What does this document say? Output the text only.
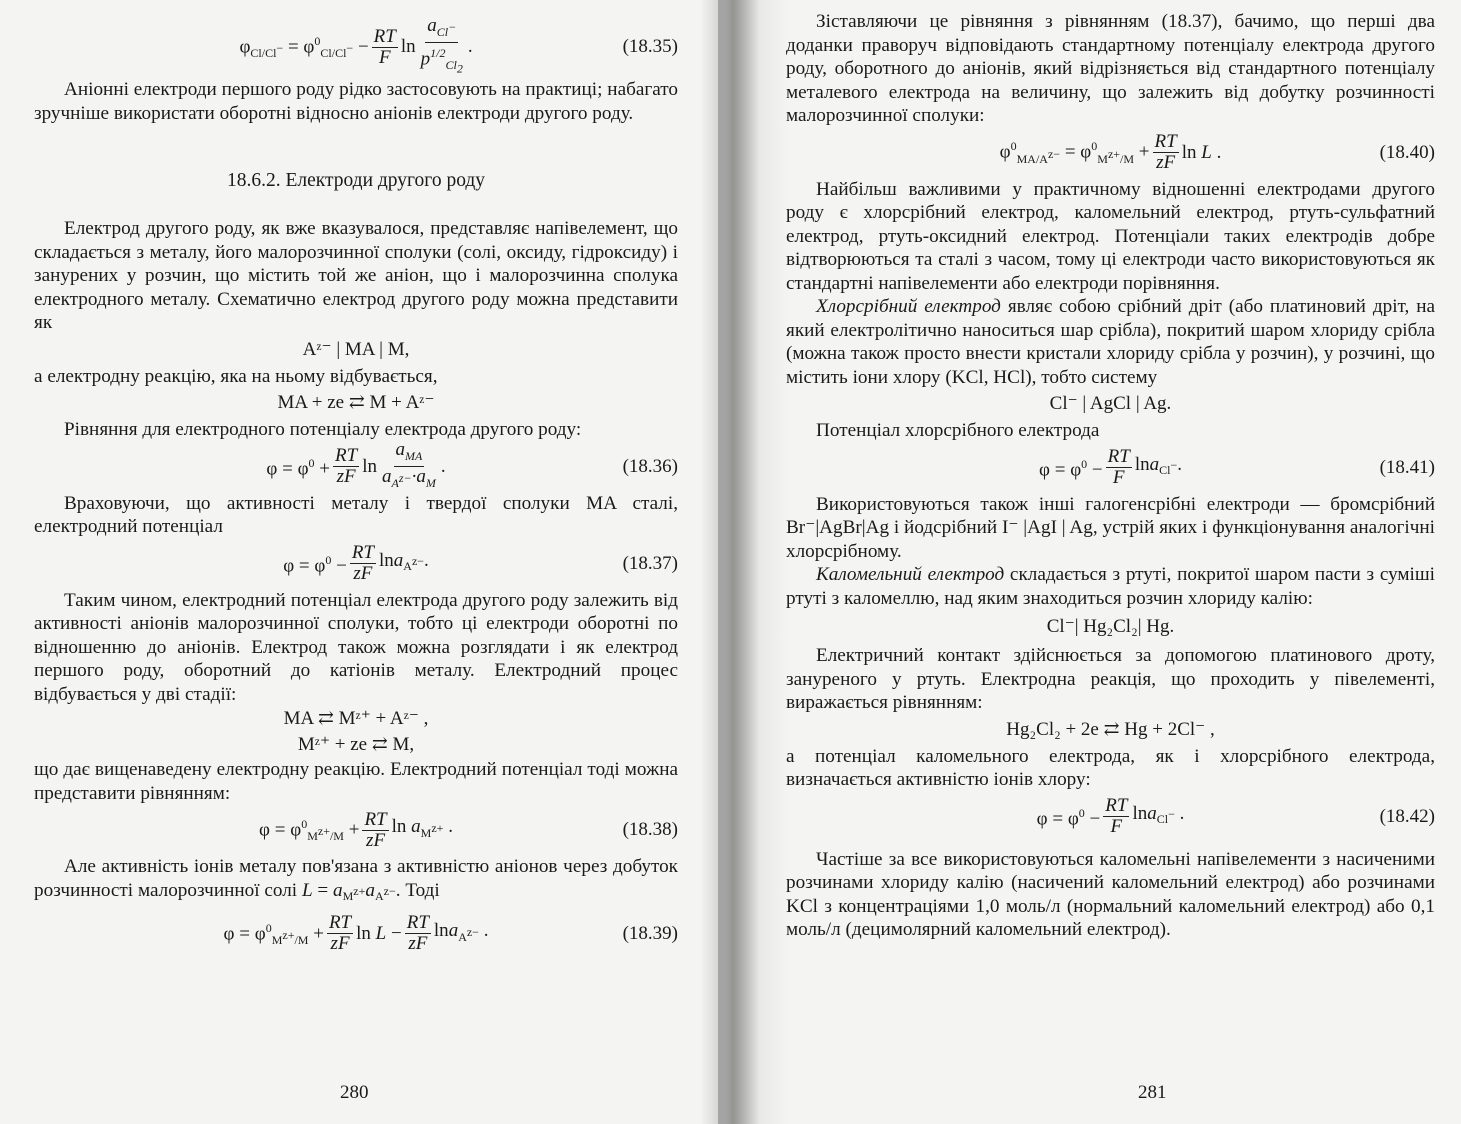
$\varphi_{Cl/Cl^-} = \varphi^0_{Cl/Cl^-} - \frac{RT}{F}$ $\ln \frac{a_{Cl^-}}{p^{1/2}_{Cl_2}}$ .	(18.35)

Аніонні електроди першого роду рідко застосовують на практиці; набагато зручніше використати оборотні відносно аніонів електроди другого роду.

18.6.2. Електроди другого роду

Електрод другого роду, як вже вказувалося, представляє напівелемент, що складається з металу, його малорозчинної сполуки (солі, оксиду, гідроксиду) і занурених у розчин, що містить той же аніон, що і малорозчинна сполука електродного металу. Схематично електрод другого роду можна представити як

Aᶻ⁻ | MA | M,

а електродну реакцію, яка на ньому відбувається,

MA + ze ⇄ M + Aᶻ⁻

Рівняння для електродного потенціалу електрода другого роду:

$\varphi = \varphi^0 + \frac{RT}{zF}$ $\ln \frac{a_{MA}}{a_{A^{z-}}\cdot a_M}$ .	(18.36)

Враховуючи, що активності металу і твердої сполуки MA сталі, електродний потенціал

$\varphi = \varphi^0 - \frac{RT}{zF} \ln a_{A^{z-}}$.	(18.37)

Таким чином, електродний потенціал електрода другого роду залежить від активності аніонів малорозчинної сполуки, тобто ці електроди оборотні по відношенню до аніонів. Електрод також можна розглядати і як електрод першого роду, оборотний до катіонів металу. Електродний процес відбувається у дві стадії:

MA ⇄ Mᶻ⁺ + Aᶻ⁻ ,
Mᶻ⁺ + ze ⇄ M,

що дає вищенаведену електродну реакцію. Електродний потенціал тоді можна представити рівнянням:

$\varphi = \varphi^0_{M^{z+}/M} + \frac{RT}{zF}$ $\ln a_{M^{z+}}$ .	(18.38)

Але активність іонів металу пов'язана з активністю аніонов через добуток розчинності малорозчинної солі $L = a_{M^{z+}}a_{A^{z-}}$. Тоді

$\varphi = \varphi^0_{M^{z+}/M} + \frac{RT}{zF}$ $\ln L - \frac{RT}{zF} \ln a_{A^{z-}}$ .	(18.39)
280

Зіставляючи це рівняння з рівнянням (18.37), бачимо, що перші два доданки праворуч відповідають стандартному потенціалу електрода другого роду, оборотного до аніонів, який відрізняється від стандартного потенціалу металевого електрода на величину, що залежить від добутку розчинності малорозчинної сполуки:

$\varphi^0_{MA/A^{z-}} = \varphi^0_{M^{z+}/M} + \frac{RT}{zF}$ ln L .	(18.40)

Найбільш важливими у практичному відношенні електродами другого роду є хлорсрібний електрод, каломельний електрод, ртуть-сульфатний електрод, ртуть-оксидний електрод. Потенціали таких електродів добре відтворюються та сталі з часом, тому ці електроди часто використовуються як стандартні напівелементи або електроди порівняння.

Хлорсрібний електрод являє собою срібний дріт (або платиновий дріт, на який електролітично наноситься шар срібла), покритий шаром хлориду срібла (можна також просто внести кристали хлориду срібла у розчин), у розчині, що містить іони хлору (KCl, HCl), тобто систему

Cl⁻ | AgCl | Ag.

Потенціал хлорсрібного електрода

$\varphi = \varphi^0 - \frac{RT}{F} \ln a_{Cl^-}$.	(18.41)

Використовуються також інші галогенсрібні електроди — бромсрібний Br⁻|AgBr|Ag і йодсрібний I⁻ |AgI | Ag, устрій яких і функціонування аналогічні хлорсрібному.

Каломельний електрод складається з ртуті, покритої шаром пасти з суміші ртуті з каломеллю, над яким знаходиться розчин хлориду калію:

Cl⁻| Hg₂Cl₂| Hg.

Електричний контакт здійснюється за допомогою платинового дроту, зануреного у ртуть. Електродна реакція, що проходить у півелементі, виражається рівнянням:

Hg₂Cl₂ + 2e ⇄ Hg + 2Cl⁻ ,

а потенціал каломельного електрода, як і хлорсрібного електрода, визначається активністю іонів хлору:

$\varphi = \varphi^0 - \frac{RT}{F} \ln a_{Cl^-}$ .	(18.42)

Частіше за все використовуються каломельні напівелементи з насиченими розчинами хлориду калію (насичений каломельний електрод) або розчинами KCl з концентраціями 1,0 моль/л (нормальний каломельний електрод) або 0,1 моль/л (децимолярний каломельний електрод).

281
